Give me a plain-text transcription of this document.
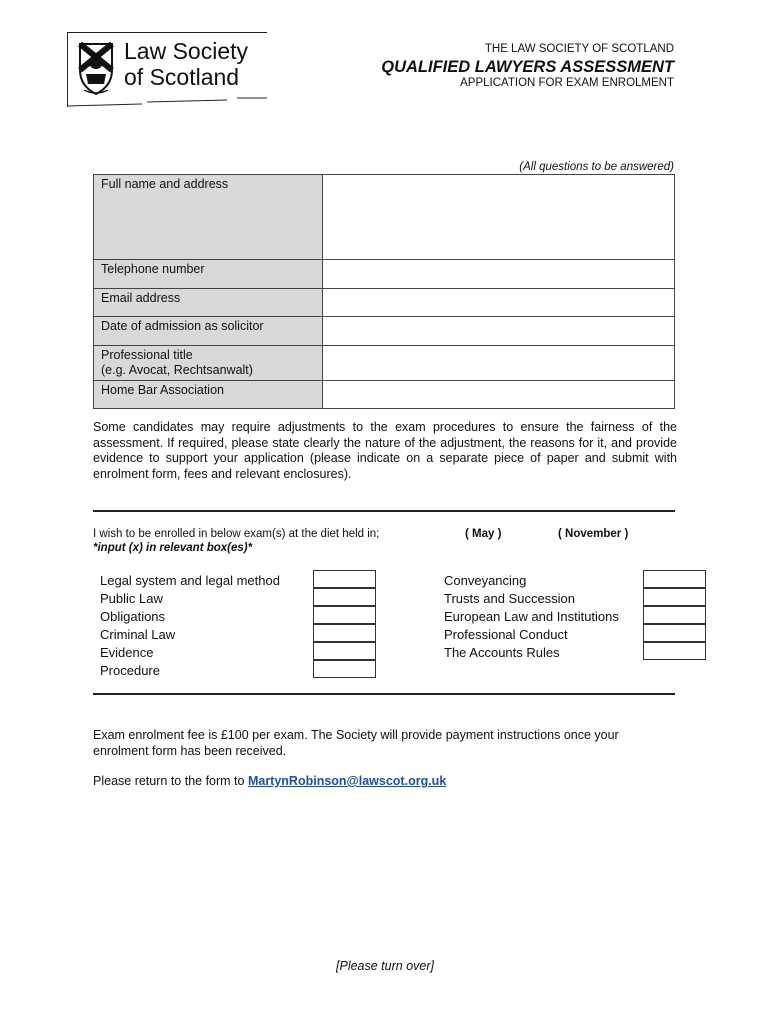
Law Society
of Scotland
THE LAW SOCIETY OF SCOTLAND
QUALIFIED LAWYERS ASSESSMENT
APPLICATION FOR EXAM ENROLMENT
(All questions to be answered)
Full name and address	
Telephone number	
Email address	
Date of admission as solicitor	

Professional title
(e.g. Avocat, Rechtsanwalt)	

Home Bar Association	
Some candidates may require adjustments to the exam procedures to ensure the fairness of the assessment. If required, please state clearly the nature of the adjustment, the reasons for it, and provide evidence to support your application (please indicate on a separate piece of paper and submit with enrolment form, fees and relevant enclosures).
I wish to be enrolled in below exam(s) at the diet held in;
*input (x) in relevant box(es)*
( May )	( November )
Legal system and legal method
Public Law
Obligations
Criminal Law
Evidence
Procedure
Conveyancing
Trusts and Succession
European Law and Institutions
Professional Conduct
The Accounts Rules
Exam enrolment fee is £100 per exam. The Society will provide payment instructions once your enrolment form has been received.
Please return to the form to MartynRobinson@lawscot.org.uk
[Please turn over]
